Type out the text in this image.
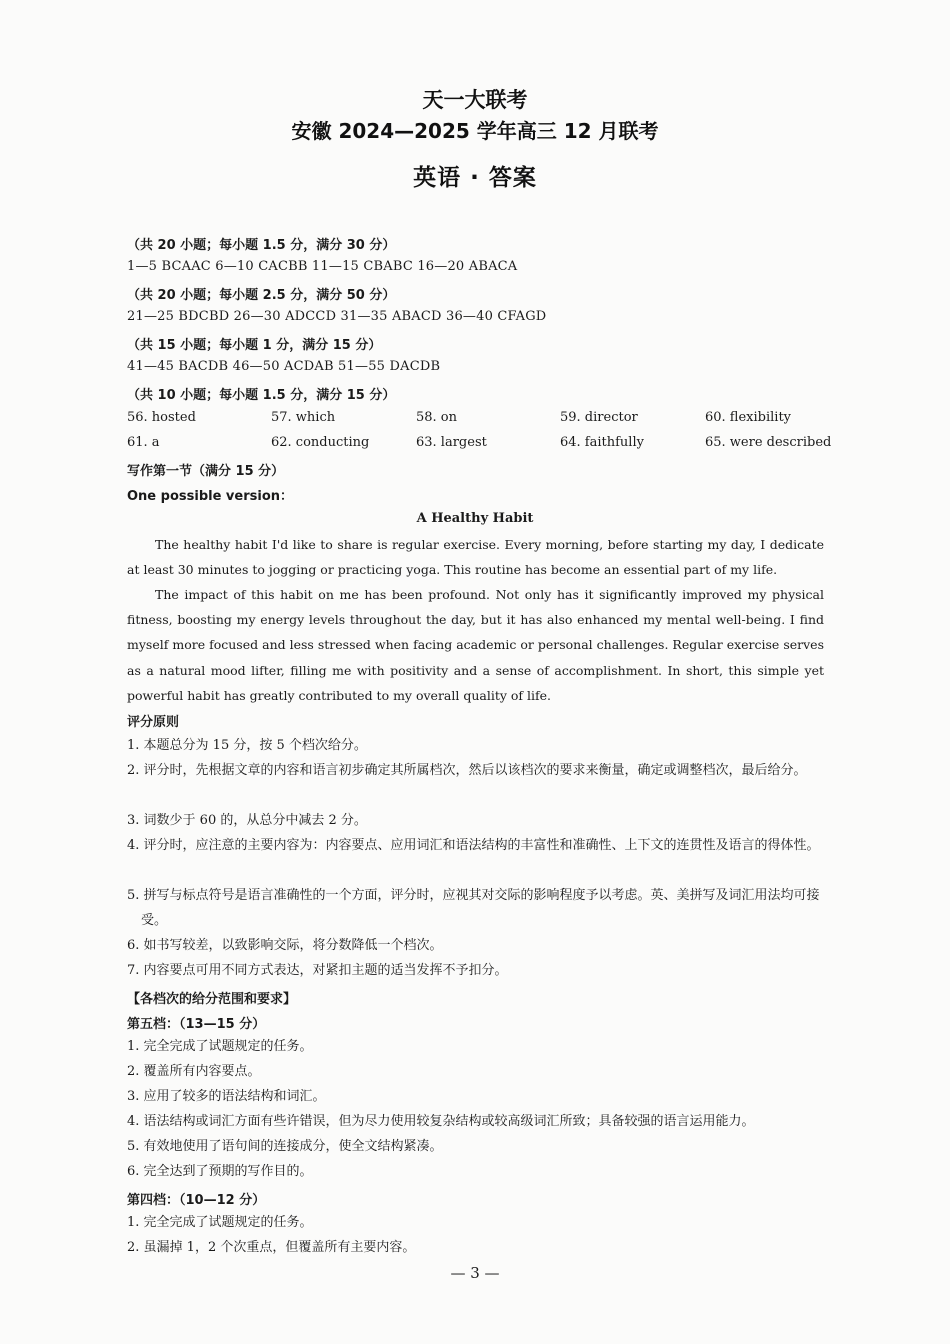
天一大联考
安徽 2024—2025 学年高三 12 月联考
英语 · 答案
（共 20 小题；每小题 1.5 分，满分 30 分）
1—5 BCAAC 6—10 CACBB 11—15 CBABC 16—20 ABACA
（共 20 小题；每小题 2.5 分，满分 50 分）
21—25 BDCBD 26—30 ADCCD 31—35 ABACD 36—40 CFAGD
（共 15 小题；每小题 1 分，满分 15 分）
41—45 BACDB 46—50 ACDAB 51—55 DACDB
（共 10 小题；每小题 1.5 分，满分 15 分）
56. hosted	57. which	58. on	59. director	60. flexibility
61. a	62. conducting	63. largest	64. faithfully	65. were described
写作第一节（满分 15 分）
One possible version：
A Healthy Habit

The healthy habit I'd like to share is regular exercise. Every morning, before starting my day, I dedicate at least 30 minutes to jogging or practicing yoga. This routine has become an essential part of my life.

The impact of this habit on me has been profound. Not only has it significantly improved my physical fitness, boosting my energy levels throughout the day, but it has also enhanced my mental well-being. I find myself more focused and less stressed when facing academic or personal challenges. Regular exercise serves as a natural mood lifter, filling me with positivity and a sense of accomplishment. In short, this simple yet powerful habit has greatly contributed to my overall quality of life.

评分原则

1. 本题总分为 15 分，按 5 个档次给分。

2. 评分时，先根据文章的内容和语言初步确定其所属档次，然后以该档次的要求来衡量，确定或调整档次，最后给分。

3. 词数少于 60 的，从总分中减去 2 分。

4. 评分时，应注意的主要内容为：内容要点、应用词汇和语法结构的丰富性和准确性、上下文的连贯性及语言的得体性。

5. 拼写与标点符号是语言准确性的一个方面，评分时，应视其对交际的影响程度予以考虑。英、美拼写及词汇用法均可接受。

6. 如书写较差，以致影响交际，将分数降低一个档次。

7. 内容要点可用不同方式表达，对紧扣主题的适当发挥不予扣分。

【各档次的给分范围和要求】
第五档：（13—15 分）

1. 完全完成了试题规定的任务。

2. 覆盖所有内容要点。

3. 应用了较多的语法结构和词汇。

4. 语法结构或词汇方面有些许错误，但为尽力使用较复杂结构或较高级词汇所致；具备较强的语言运用能力。

5. 有效地使用了语句间的连接成分，使全文结构紧凑。

6. 完全达到了预期的写作目的。

第四档：（10—12 分）

1. 完全完成了试题规定的任务。

2. 虽漏掉 1，2 个次重点，但覆盖所有主要内容。

— 3 —
